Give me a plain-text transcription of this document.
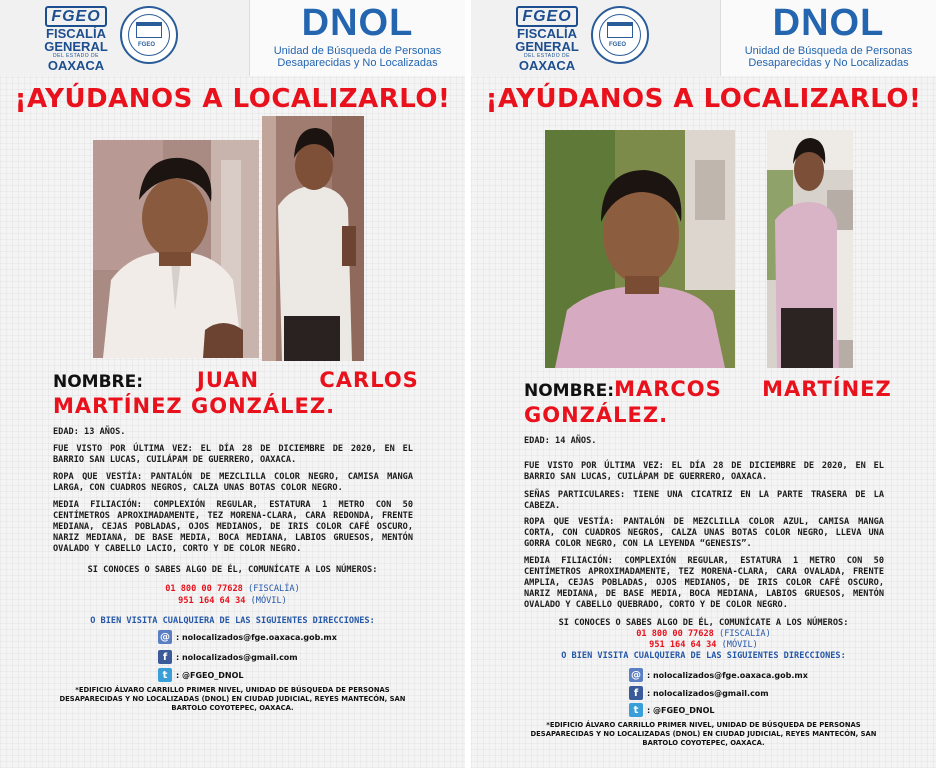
FGEO
FISCALÍA
GENERAL
DEL ESTADO DE
OAXACA
FGEO
DNOL
Unidad de Búsqueda de Personas
Desaparecidas y No Localizadas
¡AYÚDANOS A LOCALIZARLO!
NOMBRE:	JUAN CARLOS
MARTÍNEZ GONZÁLEZ.
EDAD: 13 AÑOS.
FUE VISTO POR ÚLTIMA VEZ: EL DÍA 28 DE DICIEMBRE DE 2020, EN EL BARRIO SAN LUCAS, CUILÁPAM DE GUERRERO, OAXACA.
ROPA QUE VESTÍA: PANTALÓN DE MEZCLILLA COLOR NEGRO, CAMISA MANGA LARGA, CON CUADROS NEGROS, CALZA UNAS BOTAS COLOR NEGRO.
MEDIA FILIACIÓN: COMPLEXIÓN REGULAR, ESTATURA 1 METRO CON 50 CENTÍMETROS APROXIMADAMENTE, TEZ MORENA-CLARA, CARA REDONDA, FRENTE MEDIANA, CEJAS POBLADAS, OJOS MEDIANOS, DE IRIS COLOR CAFÉ OSCURO, NARIZ MEDIANA, DE BASE MEDIA, BOCA MEDIANA, LABIOS GRUESOS, MENTÓN OVALADO Y CABELLO LACIO, CORTO Y DE COLOR NEGRO.
SI CONOCES O SABES ALGO DE ÉL, COMUNÍCATE A LOS NÚMEROS:
01 800 00 77628 (FISCALÍA)
951 164 64 34 (MÓVIL)
O BIEN VISITA CUALQUIERA DE LAS SIGUIENTES DIRECCIONES:
@ : nolocalizados@fge.oaxaca.gob.mx
f	: nolocalizados@gmail.com
t	: @FGEO_DNOL
*EDIFICIO ÁLVARO CARRILLO PRIMER NIVEL, UNIDAD DE BÚSQUEDA DE PERSONAS DESAPARECIDAS Y NO LOCALIZADAS (DNOL) EN CIUDAD JUDICIAL, REYES MANTECÓN, SAN BARTOLO COYOTEPEC, OAXACA.
FGEO
FISCALÍA
GENERAL
DEL ESTADO DE
OAXACA
FGEO
DNOL
Unidad de Búsqueda de Personas
Desaparecidas y No Localizadas
¡AYÚDANOS A LOCALIZARLO!
NOMBRE: MARCOS MARTÍNEZ
GONZÁLEZ.
EDAD: 14 AÑOS.
FUE VISTO POR ÚLTIMA VEZ: EL DÍA 28 DE DICIEMBRE DE 2020, EN EL BARRIO SAN LUCAS, CUILÁPAM DE GUERRERO, OAXACA.
SEÑAS PARTICULARES: TIENE UNA CICATRIZ EN LA PARTE TRASERA DE LA CABEZA.
ROPA QUE VESTÍA: PANTALÓN DE MEZCLILLA COLOR AZUL, CAMISA MANGA CORTA, CON CUADROS NEGROS, CALZA UNAS BOTAS COLOR NEGRO, LLEVA UNA GORRA COLOR NEGRO, CON LA LEYENDA “GENESIS”.
MEDIA FILIACIÓN: COMPLEXIÓN REGULAR, ESTATURA 1 METRO CON 50 CENTÍMETROS APROXIMADAMENTE, TEZ MORENA-CLARA, CARA OVALADA, FRENTE AMPLIA, CEJAS POBLADAS, OJOS MEDIANOS, DE IRIS COLOR CAFÉ OSCURO, NARIZ MEDIANA, DE BASE MEDIA, BOCA MEDIANA, LABIOS GRUESOS, MENTÓN OVALADO Y CABELLO QUEBRADO, CORTO Y DE COLOR NEGRO.
SI CONOCES O SABES ALGO DE ÉL, COMUNÍCATE A LOS NÚMEROS:
01 800 00 77628 (FISCALÍA)
951 164 64 34 (MÓVIL)
O BIEN VISITA CUALQUIERA DE LAS SIGUIENTES DIRECCIONES:
@ : nolocalizados@fge.oaxaca.gob.mx
f	: nolocalizados@gmail.com
t	: @FGEO_DNOL
*EDIFICIO ÁLVARO CARRILLO PRIMER NIVEL, UNIDAD DE BÚSQUEDA DE PERSONAS DESAPARECIDAS Y NO LOCALIZADAS (DNOL) EN CIUDAD JUDICIAL, REYES MANTECÓN, SAN BARTOLO COYOTEPEC, OAXACA.
